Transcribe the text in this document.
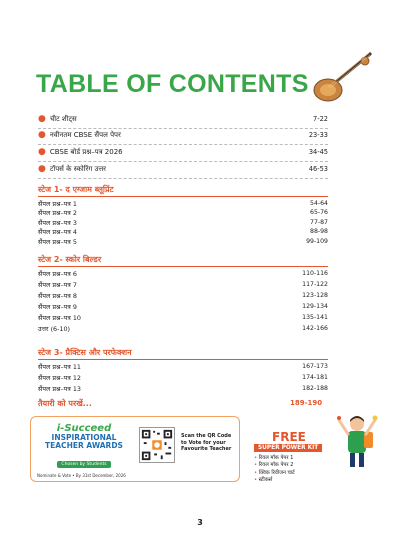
TABLE OF CONTENTS
● चीट शीट्स	7-22
● नवीनतम CBSE सैंपल पेपर	23-33
● CBSE बोर्ड प्रश्न–पत्र 2026	34-45
● टॉपर्स के स्कोरिंग उत्तर	46-53
स्टेज 1- द एग्जाम ब्लूप्रिंट
सैंपल प्रश्न–पत्र 1	54-64
सैंपल प्रश्न–पत्र 2	65-76
सैंपल प्रश्न–पत्र 3	77-87
सैंपल प्रश्न–पत्र 4	88-98
सैंपल प्रश्न–पत्र 5	99-109
स्टेज 2- स्कोर बिल्डर
सैंपल प्रश्न–पत्र 6	110-116
सैंपल प्रश्न–पत्र 7	117-122
सैंपल प्रश्न–पत्र 8	123-128
सैंपल प्रश्न–पत्र 9	129-134
सैंपल प्रश्न–पत्र 10	135-141
उत्तर (6-10)	142-166
स्टेज 3- प्रैक्टिस और परफेक्शन
सैंपल प्रश्न–पत्र 11	167-173
सैंपल प्रश्न–पत्र 12	174-181
सैंपल प्रश्न–पत्र 13	182-188
तैयारी को परखें...	189-190
i-Succeed
INSPIRATIONAL
TEACHER AWARDS
Chosen by Students
Nominate & Vote • By 31st December, 2026
Scan the QR Code to Vote for your Favourite Teacher
FREE
SUPER POWER KIT
• रियल मॉक पेपर 1
• रियल मॉक पेपर 2
• क्विक रिवीजन चार्ट
• स्टीकर्स
3
